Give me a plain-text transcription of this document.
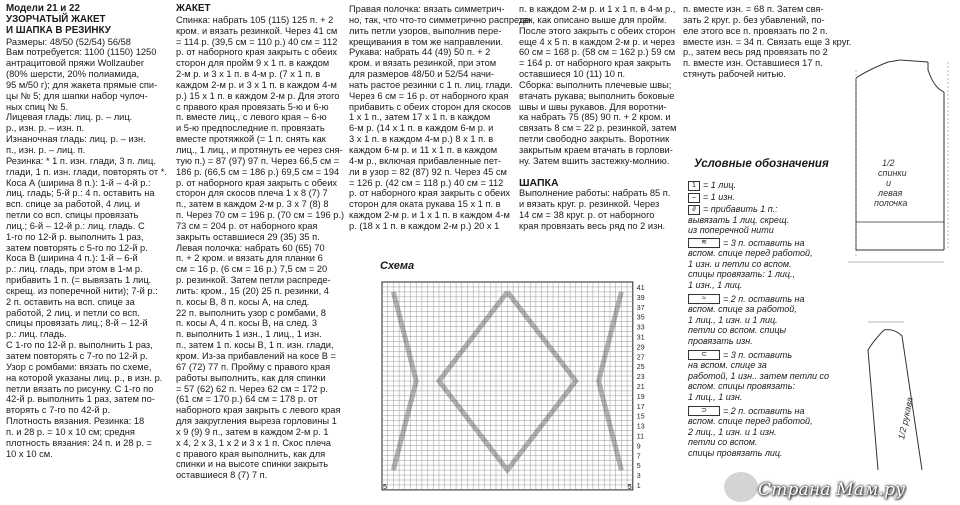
Модели 21 и 22
УЗОРЧАТЫЙ ЖАКЕТ
И ШАПКА В РЕЗИНКУ
Размеры: 48/50 (52/54) 56/58
Вам потребуется: 1100 (1150) 1250
антрацитовой пряжи Wollzauber
(80% шерсти, 20% полиамида,
95 м/50 г); для жакета прямые спи-
цы № 5; для шапки набор чулоч-
ных спиц № 5.
Лицевая гладь: лиц. р. – лиц.
р., изн. р. – изн. п.
Изнаночная гладь: лиц. р. – изн.
п., изн. р. – лиц. п.
Резинка: * 1 п. изн. глади, 3 п. лиц.
глади, 1 п. изн. глади, повторять от *.
Коса А (ширина 8 п.): 1-й – 4-й р.:
лиц. гладь; 5-й р.: 4 п. оставить на
всп. спице за работой, 4 лиц. и
петли со всп. спицы провязать
лиц.; 6-й – 12-й р.: лиц. гладь. С
1-го по 12-й р. выполнить 1 раз,
затем повторять с 5-го по 12-й р.
Коса В (ширина 4 п.): 1-й – 6-й
р.: лиц. гладь, при этом в 1-м р.
прибавить 1 п. (= вывязать 1 лиц.
скрещ. из поперечной нити); 7-й р.:
2 п. оставить на всп. спице за
работой, 2 лиц. и петли со всп.
спицы провязать лиц.; 8-й – 12-й
р.: лиц. гладь.
С 1-го по 12-й р. выполнить 1 раз,
затем повторять с 7-го по 12-й р.
Узор с ромбами: вязать по схеме,
на которой указаны лиц. р., в изн. р.
петли вязать по рисунку. С 1-го по
42-й р. выполнить 1 раз, затем по-
вторять с 7-го по 42-й р.
Плотность вязания. Резинка: 18
п. и 28 р. = 10 х 10 см; средня
плотность вязания: 24 п. и 28 р. =
10 х 10 см.
ЖАКЕТ
Спинка: набрать 105 (115) 125 п. + 2
кром. и вязать резинкой. Через 41 см
= 114 р. (39,5 см = 110 р.) 40 см = 112
р. от наборного края закрыть с обеих
сторон для пройм 9 х 1 п. в каждом
2-м р. и 3 х 1 п. в 4-м р. (7 х 1 п. в
каждом 2-м р. и 3 х 1 п. в каждом 4-м
р.) 15 х 1 п. в каждом 2-м р. Для этого
с правого края провязать 5-ю и 6-ю
п. вместе лиц., с левого края – 6-ю
и 5-ю предпоследние п. провязать
вместе протяжкой (= 1 п. снять как
лиц., 1 лиц., и протянуть ее через сня-
тую п.) = 87 (97) 97 п. Через 66,5 см =
186 р. (66,5 см = 186 р.) 69,5 см = 194
р. от наборного края закрыть с обеих
сторон для скосов плеча 1 х 8 (7) 7
п., затем в каждом 2-м р. 3 х 7 (8) 8
п. Через 70 см = 196 р. (70 см = 196 р.)
73 см = 204 р. от наборного края
закрыть оставшиеся 29 (35) 35 п.
Левая полочка: набрать 60 (65) 70
п. + 2 кром. и вязать для планки 6
см = 16 р. (6 см = 16 р.) 7,5 см = 20
р. резинкой. Затем петли распреде-
лить: кром., 15 (20) 25 п. резинки, 4
п. косы В, 8 п. косы А, на след.
22 п. выполнить узор с ромбами, 8
п. косы А, 4 п. косы В, на след. 3
п. выполнить 1 изн., 1 лиц., 1 изн.
п., затем 1 п. косы В, 1 п. изн. глади,
кром. Из-за прибавлений на косе В =
67 (72) 77 п. Пройму с правого края
работы выполнить, как для спинки
= 57 (62) 62 п. Через 62 см = 172 р.
(61 см = 170 р.) 64 см = 178 р. от
наборного края закрыть с левого края
для закругления выреза горловины 1
х 9 (9) 9 п., затем в каждом 2-м р. 1
х 4, 2 х 3, 1 х 2 и 3 х 1 п. Скос плеча
с правого края выполнить, как для
спинки и на высоте спинки закрыть
оставшиеся 8 (7) 7 п.
Правая полочка: вязать симметрич-
но, так, что что-то симметрично распреде-
лить петли узоров, выполнив пере-
крещивания в том же направлении.
Рукава: набрать 44 (49) 50 п. + 2
кром. и вязать резинкой, при этом
для размеров 48/50 и 52/54 начи-
нать растое резинки с 1 п. лиц. глади.
Через 6 см = 16 р. от наборного края
прибавить с обеих сторон для скосов
1 х 1 п., затем 17 х 1 п. в каждом
6-м р. (14 х 1 п. в каждом 6-м р. и
3 х 1 п. в каждом 4-м р.) 8 х 1 п. в
каждом 6-м р. и 11 х 1 п. в каждом
4-м р., включая прибавленные пет-
ли в узор = 82 (87) 92 п. Через 45 см
= 126 р. (42 см = 118 р.) 40 см = 112
р. от наборного края закрыть с обеих
сторон для оката рукава 15 х 1 п. в
каждом 2-м р. и 1 х 1 п. в каждом 4-м
р. (18 х 1 п. в каждом 2-м р.) 20 х 1
п. в каждом 2-м р. и 1 х 1 п. в 4-м р.,
так, как описано выше для пройм.
После этого закрыть с обеих сторон
еще 4 х 5 п. в каждом 2-м р. и через
60 см = 168 р. (58 см = 162 р.) 59 см
= 164 р. от наборного края закрыть
оставшиеся 10 (11) 10 п.
Сборка: выполнить плечевые швы;
втачать рукава; выполнить боковые
швы и швы рукавов. Для воротни-
ка набрать 75 (85) 90 п. + 2 кром. и
связать 8 см = 22 р. резинкой, затем
петли свободно закрыть. Воротник
закрытым краем втачать в горлови-
ну. Затем вшить застежку-молнию.
ШАПКА
Выполнение работы: набрать 85 п.
и вязать круг. р. резинкой. Через
14 см = 38 круг. р. от наборного
края провязать весь ряд по 2 изн.
п. вместе изн. = 68 п. Затем свя-
зать 2 круг. р. без убавлений, по-
еле этого все п. провязать по 2 п.
вместе изн. = 34 п. Связать еще 3 круг.
р., затем весь ряд провязать по 2
п. вместе изн. Оставшиеся 17 п.
стянуть рабочей нитью.
Схема
41
39
37
35
33
31
29
27
25
23
21
19
17
15
13
11
9
7
5
3
1
5	5
Условные обозначения
1 = 1 лиц.
– = 1 изн.
∂ = прибавить 1 п.:
вывязать 1 лиц. скрещ.
из поперечной нити
≋ = 3 п. оставить на
вспом. спице перед работой,
1 изн. и петли со вспом.
спицы провязать: 1 лиц.,
1 изн., 1 лиц.
≈ = 2 п. оставить на
вспом. спице за работой,
1 лиц., 1 изн. и 1 лиц.
петли со вспом. спицы
провязать изн.
⊂ = 3 п. оставить
на вспом. спице за
работой, 1 изн.. затем петли со
вспом. спицы провязать:
1 лиц., 1 изн.
⊃ = 2 п. оставить на
вспом. спице перед работой,
2 лиц., 1 изн. и 1 изн.
петли со вспом.
спицы провязать лиц.
1/2
спинки
и
левая
полочка
1/2 рукава
Страна Мам.ру
